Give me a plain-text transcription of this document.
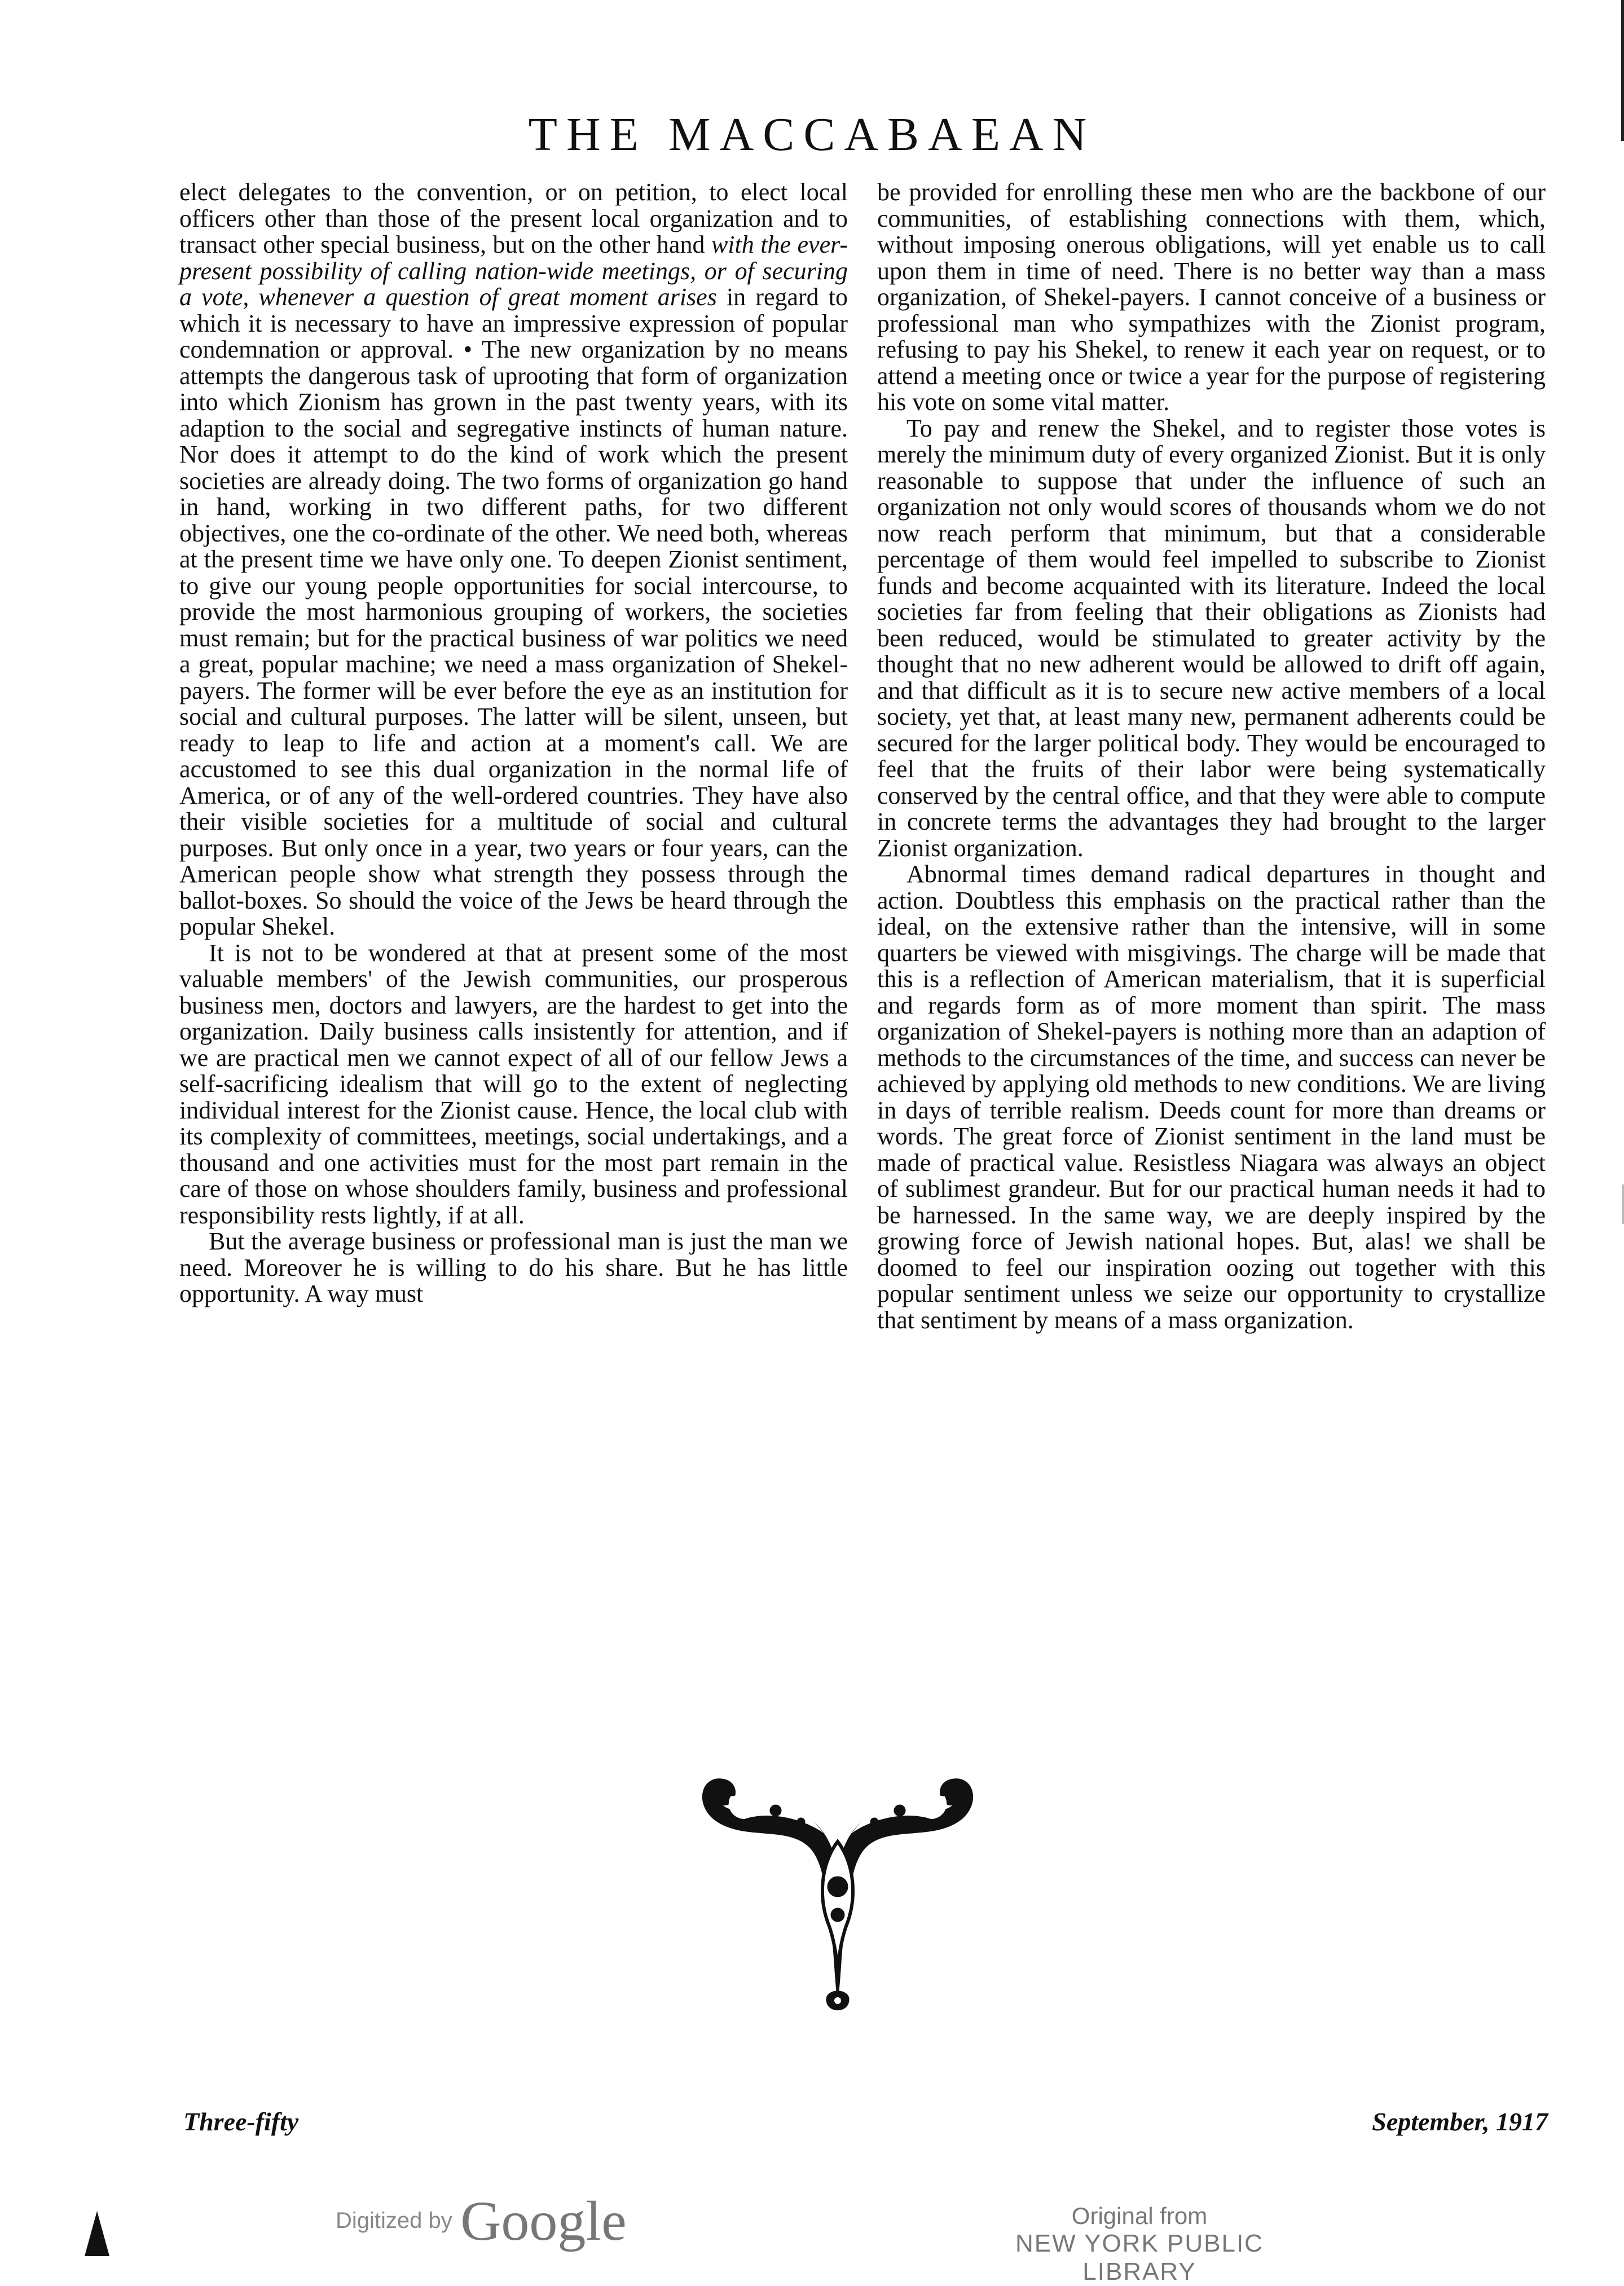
THE MACCABAEAN

elect delegates to the convention, or on petition, to elect local officers other than those of the present local organization and to transact other special business, but on the other hand with the ever-present possibility of calling nation-wide meetings, or of securing a vote, whenever a question of great moment arises in regard to which it is necessary to have an impressive expression of popular condemnation or approval. • The new organization by no means attempts the dangerous task of uprooting that form of organization into which Zionism has grown in the past twenty years, with its adaption to the social and segregative instincts of human nature. Nor does it attempt to do the kind of work which the present societies are already doing. The two forms of organization go hand in hand, working in two different paths, for two different objectives, one the co-ordinate of the other. We need both, whereas at the present time we have only one. To deepen Zionist sentiment, to give our young people opportunities for social intercourse, to provide the most harmonious grouping of workers, the societies must remain; but for the practical business of war politics we need a great, popular machine; we need a mass organization of Shekel-payers. The former will be ever before the eye as an institution for social and cultural purposes. The latter will be silent, unseen, but ready to leap to life and action at a moment's call. We are accustomed to see this dual organization in the normal life of America, or of any of the well-ordered countries. They have also their visible societies for a multitude of social and cultural purposes. But only once in a year, two years or four years, can the American people show what strength they possess through the ballot-boxes. So should the voice of the Jews be heard through the popular Shekel.

It is not to be wondered at that at present some of the most valuable members' of the Jewish communities, our prosperous business men, doctors and lawyers, are the hardest to get into the organization. Daily business calls insistently for attention, and if we are practical men we cannot expect of all of our fellow Jews a self-sacrificing idealism that will go to the extent of neglecting individual interest for the Zionist cause. Hence, the local club with its complexity of committees, meetings, social undertakings, and a thousand and one activities must for the most part remain in the care of those on whose shoulders family, business and professional responsibility rests lightly, if at all.

But the average business or professional man is just the man we need. Moreover he is willing to do his share. But he has little opportunity. A way must

be provided for enrolling these men who are the backbone of our communities, of establishing connections with them, which, without imposing onerous obligations, will yet enable us to call upon them in time of need. There is no better way than a mass organization, of Shekel-payers. I cannot conceive of a business or professional man who sympathizes with the Zionist program, refusing to pay his Shekel, to renew it each year on request, or to attend a meeting once or twice a year for the purpose of registering his vote on some vital matter.

To pay and renew the Shekel, and to register those votes is merely the minimum duty of every organized Zionist. But it is only reasonable to suppose that under the influence of such an organization not only would scores of thousands whom we do not now reach perform that minimum, but that a considerable percentage of them would feel impelled to subscribe to Zionist funds and become acquainted with its literature. Indeed the local societies far from feeling that their obligations as Zionists had been reduced, would be stimulated to greater activity by the thought that no new adherent would be allowed to drift off again, and that difficult as it is to secure new active members of a local society, yet that, at least many new, permanent adherents could be secured for the larger political body. They would be encouraged to feel that the fruits of their labor were being systematically conserved by the central office, and that they were able to compute in concrete terms the advantages they had brought to the larger Zionist organization.

Abnormal times demand radical departures in thought and action. Doubtless this emphasis on the practical rather than the ideal, on the extensive rather than the intensive, will in some quarters be viewed with misgivings. The charge will be made that this is a reflection of American materialism, that it is superficial and regards form as of more moment than spirit. The mass organization of Shekel-payers is nothing more than an adaption of methods to the circumstances of the time, and success can never be achieved by applying old methods to new conditions. We are living in days of terrible realism. Deeds count for more than dreams or words. The great force of Zionist sentiment in the land must be made of practical value. Resistless Niagara was always an object of sublimest grandeur. But for our practical human needs it had to be harnessed. In the same way, we are deeply inspired by the growing force of Jewish national hopes. But, alas! we shall be doomed to feel our inspiration oozing out together with this popular sentiment unless we seize our opportunity to crystallize that sentiment by means of a mass organization.

Three-fifty	September, 1917
Digitized by Google	Original from
NEW YORK PUBLIC LIBRARY
